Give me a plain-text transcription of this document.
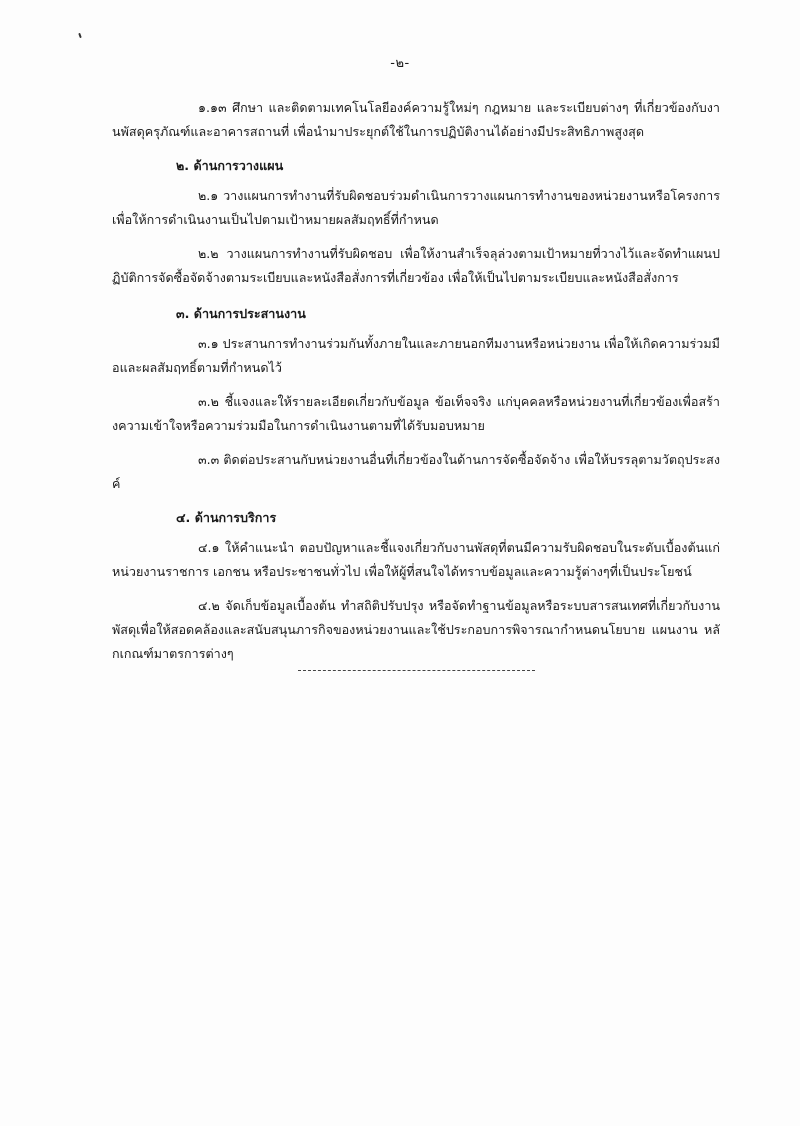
-๒-

๑.๑๓ ศึกษา และติดตามเทคโนโลยีองค์ความรู้ใหม่ๆ กฎหมาย และระเบียบต่างๆ ที่เกี่ยวข้องกับงานพัสดุครุภัณฑ์และอาคารสถานที่ เพื่อนำมาประยุกต์ใช้ในการปฏิบัติงานได้อย่างมีประสิทธิภาพสูงสุด

๒. ด้านการวางแผน

๒.๑ วางแผนการทำงานที่รับผิดชอบร่วมดำเนินการวางแผนการทำงานของหน่วยงานหรือโครงการเพื่อให้การดำเนินงานเป็นไปตามเป้าหมายผลสัมฤทธิ์ที่กำหนด

๒.๒ วางแผนการทำงานที่รับผิดชอบ เพื่อให้งานสำเร็จลุล่วงตามเป้าหมายที่วางไว้และจัดทำแผนปฏิบัติการจัดซื้อจัดจ้างตามระเบียบและหนังสือสั่งการที่เกี่ยวข้อง เพื่อให้เป็นไปตามระเบียบและหนังสือสั่งการ

๓. ด้านการประสานงาน

๓.๑ ประสานการทำงานร่วมกันทั้งภายในและภายนอกทีมงานหรือหน่วยงาน เพื่อให้เกิดความร่วมมือและผลสัมฤทธิ์ตามที่กำหนดไว้

๓.๒ ชี้แจงและให้รายละเอียดเกี่ยวกับข้อมูล ข้อเท็จจริง แก่บุคคลหรือหน่วยงานที่เกี่ยวข้องเพื่อสร้างความเข้าใจหรือความร่วมมือในการดำเนินงานตามที่ได้รับมอบหมาย

๓.๓ ติดต่อประสานกับหน่วยงานอื่นที่เกี่ยวข้องในด้านการจัดซื้อจัดจ้าง เพื่อให้บรรลุตามวัตถุประสงค์

๔. ด้านการบริการ

๔.๑ ให้คำแนะนำ ตอบปัญหาและชี้แจงเกี่ยวกับงานพัสดุที่ตนมีความรับผิดชอบในระดับเบื้องต้นแก่หน่วยงานราชการ เอกชน หรือประชาชนทั่วไป เพื่อให้ผู้ที่สนใจได้ทราบข้อมูลและความรู้ต่างๆที่เป็นประโยชน์

๔.๒ จัดเก็บข้อมูลเบื้องต้น ทำสถิติปรับปรุง หรือจัดทำฐานข้อมูลหรือระบบสารสนเทศที่เกี่ยวกับงานพัสดุเพื่อให้สอดคล้องและสนับสนุนภารกิจของหน่วยงานและใช้ประกอบการพิจารณากำหนดนโยบาย แผนงาน หลักเกณฑ์มาตรการต่างๆ
